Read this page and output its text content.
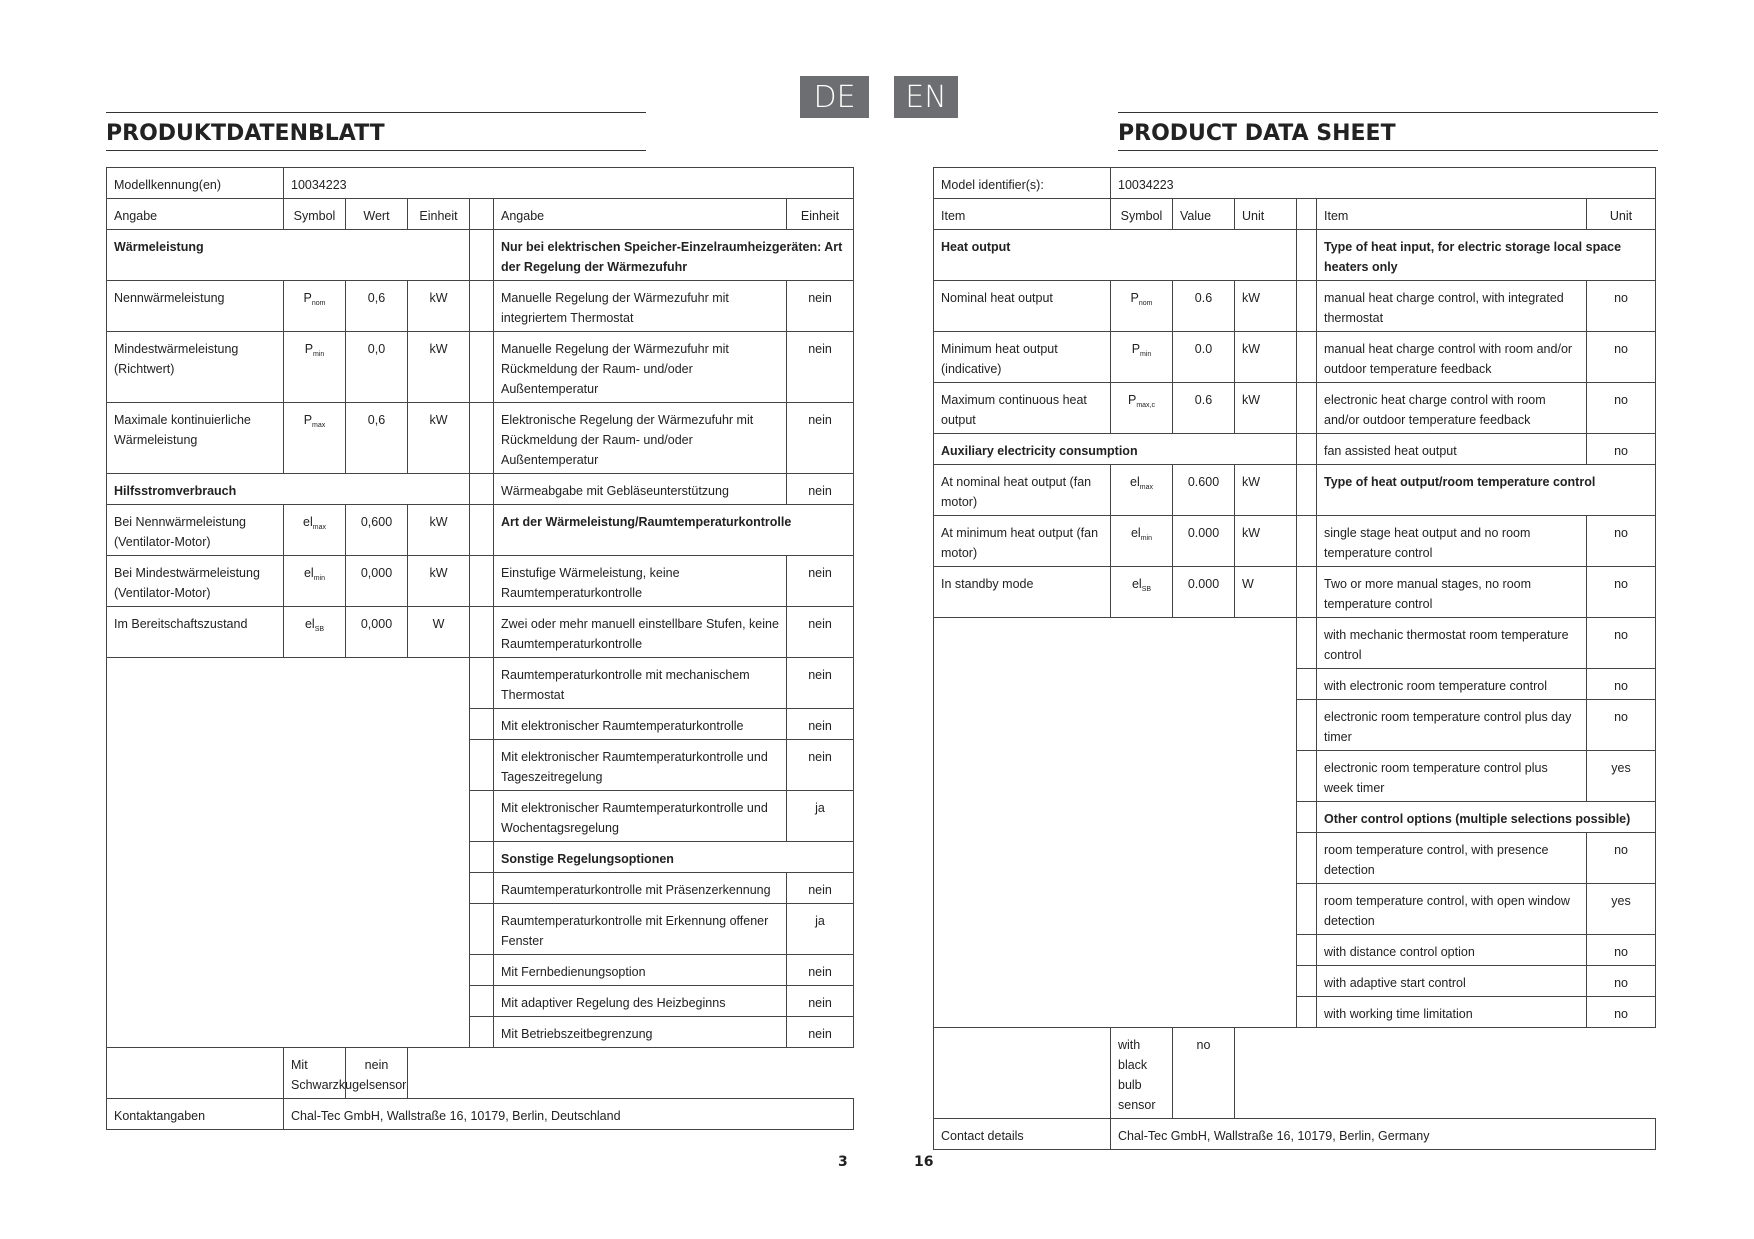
DE	EN
PRODUKTDATENBLATT	PRODUCT DATA SHEET
Modellkennung(en)	10034223					
Angabe	Symbol	Wert	Einheit		Angabe	Einheit
Wärmeleistung					Nur bei elektrischen Speicher-Einzelraumheizgeräten: Art der Regelung der Wärmezufuhr	
Nennwärmeleistung	$P_{nom}$	0,6	kW		Manuelle Regelung der Wärmezufuhr mit integriertem Thermostat	nein
Mindestwärmeleistung (Richtwert)	$P_{min}$	0,0	kW		Manuelle Regelung der Wärmezufuhr mit Rückmeldung der Raum- und/oder Außentemperatur	nein
Maximale kontinuierliche Wärmeleistung	$P_{max}$	0,6	kW		Elektronische Regelung der Wärmezufuhr mit Rückmeldung der Raum- und/oder Außentemperatur	nein
Hilfsstromverbrauch					Wärmeabgabe mit Gebläseunterstützung	nein
Bei Nennwärmeleistung (Ventilator-Motor)	$el_{max}$	0,600	kW		Art der Wärmeleistung/Raumtemperaturkontrolle	
Bei Mindestwärmeleistung (Ventilator-Motor)	$el_{min}$	0,000	kW		Einstufige Wärmeleistung, keine Raumtemperaturkontrolle	nein
Im Bereitschaftszustand	$el_{SB}$	0,000	W		Zwei oder mehr manuell einstellbare Stufen, keine Raumtemperaturkontrolle	nein
					Raumtemperaturkontrolle mit mechanischem Thermostat	nein
					Mit elektronischer Raumtemperaturkontrolle	nein
					Mit elektronischer Raumtemperaturkontrolle und Tageszeitregelung	nein
					Mit elektronischer Raumtemperaturkontrolle und Wochentagsregelung	ja
					Sonstige Regelungsoptionen	
					Raumtemperaturkontrolle mit Präsenzerkennung	nein
					Raumtemperaturkontrolle mit Erkennung offener Fenster	ja
					Mit Fernbedienungsoption	nein
					Mit adaptiver Regelung des Heizbeginns	nein
					Mit Betriebszeitbegrenzung	nein
	Mit Schwarzkugelsensor	nein				
Kontaktangaben	Chal-Tec GmbH, Wallstraße 16, 10179, Berlin, Deutschland					
Model identifier(s):	10034223					
Item	Symbol	Value	Unit		Item	Unit
Heat output					Type of heat input, for electric storage local space heaters only	
Nominal heat output	$P_{nom}$	0.6	kW		manual heat charge control, with integrated thermostat	no
Minimum heat output (indicative)	$P_{min}$	0.0	kW		manual heat charge control with room and/or outdoor temperature feedback	no
Maximum continuous heat output	$P_{max,c}$	0.6	kW		electronic heat charge control with room and/or outdoor temperature feedback	no
Auxiliary electricity consumption					fan assisted heat output	no
At nominal heat output (fan motor)	$el_{max}$	0.600	kW		Type of heat output/room temperature control	
At minimum heat output (fan motor)	$el_{min}$	0.000	kW		single stage heat output and no room temperature control	no
In standby mode	$el_{SB}$	0.000	W		Two or more manual stages, no room temperature control	no
					with mechanic thermostat room temperature control	no
					with electronic room temperature control	no
					electronic room temperature control plus day timer	no
					electronic room temperature control plus week timer	yes
					Other control options (multiple selections possible)	
					room temperature control, with presence detection	no
					room temperature control, with open window detection	yes
					with distance control option	no
					with adaptive start control	no
					with working time limitation	no
	with black bulb sensor	no				
Contact details	Chal-Tec GmbH, Wallstraße 16, 10179, Berlin, Germany					
3	16
